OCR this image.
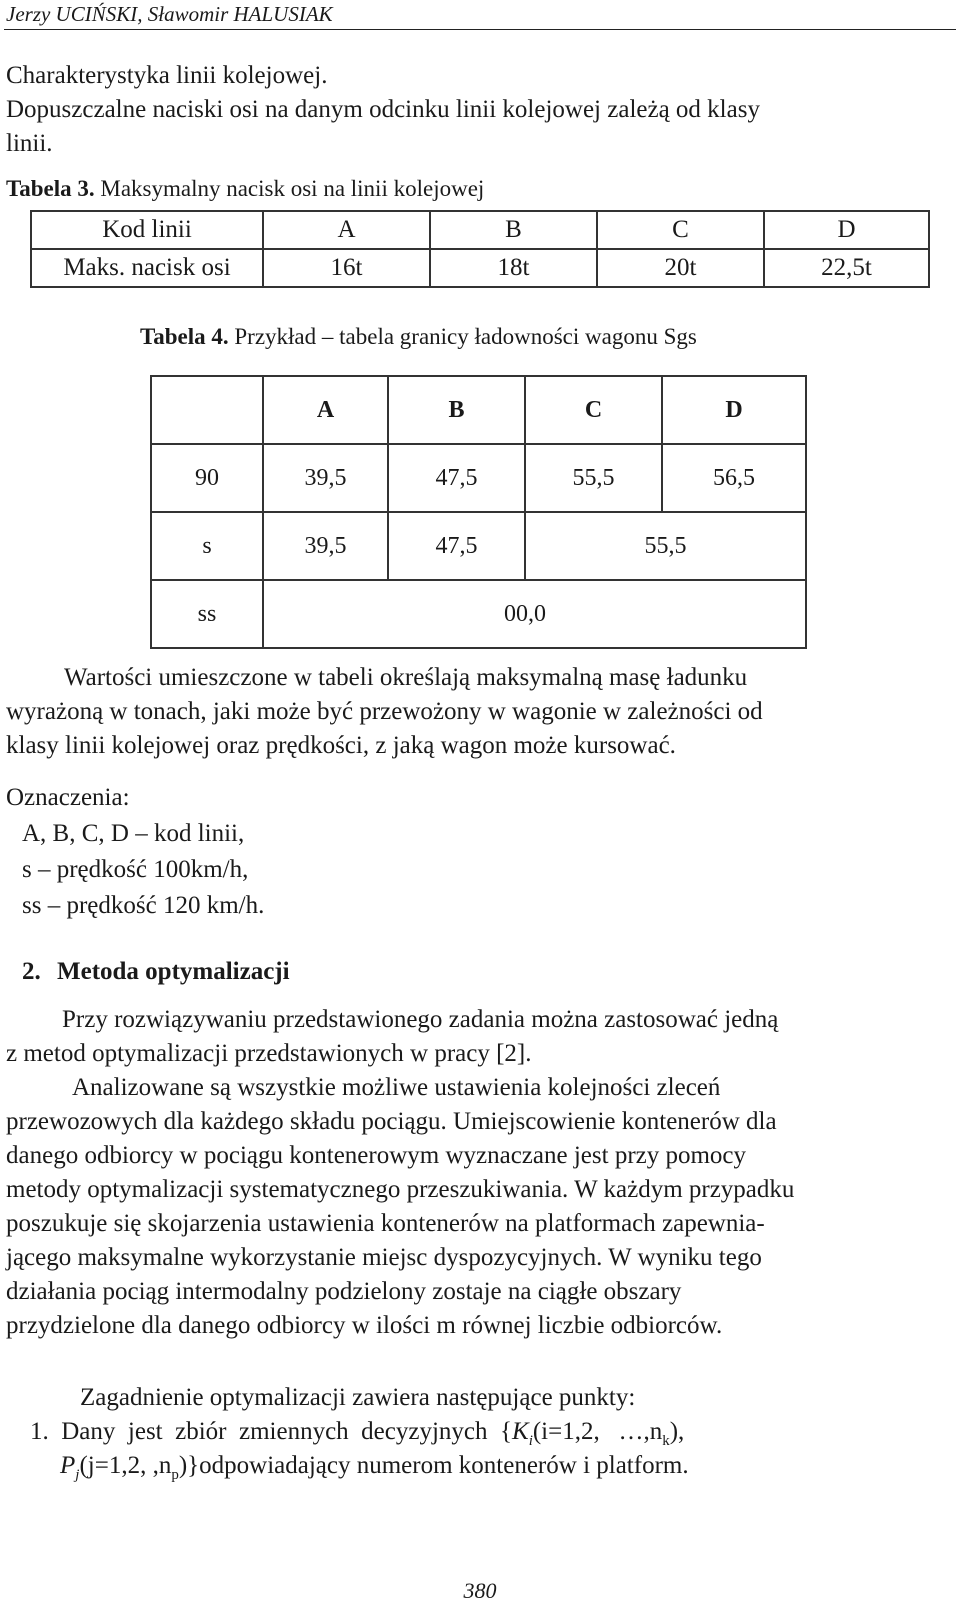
Jerzy UCIŃSKI, Sławomir HALUSIAK
Charakterystyka linii kolejowej.
Dopuszczalne naciski osi na danym odcinku linii kolejowej zależą od klasy
linii.
Tabela 3. Maksymalny nacisk osi na linii kolejowej
Kod linii	A	B	C	D
Maks. nacisk osi	16t	18t	20t	22,5t
Tabela 4. Przykład – tabela granicy ładowności wagonu Sgs
	A	B	C	D
90	39,5	47,5	55,5	56,5
s	39,5	47,5	55,5	
ss	00,0			
Wartości umieszczone w tabeli określają maksymalną masę ładunku
wyrażoną w tonach, jaki może być przewożony w wagonie w zależności od
klasy linii kolejowej oraz prędkości, z jaką wagon może kursować.
Oznaczenia:
A, B, C, D – kod linii,
s – prędkość 100km/h,
ss – prędkość 120 km/h.
2. Metoda optymalizacji
Przy rozwiązywaniu przedstawionego zadania można zastosować jedną
z metod optymalizacji przedstawionych w pracy [2].
Analizowane są wszystkie możliwe ustawienia kolejności zleceń
przewozowych dla każdego składu pociągu. Umiejscowienie kontenerów dla
danego odbiorcy w pociągu kontenerowym wyznaczane jest przy pomocy
metody optymalizacji systematycznego przeszukiwania. W każdym przypadku
poszukuje się skojarzenia ustawienia kontenerów na platformach zapewnia-
jącego maksymalne wykorzystanie miejsc dyspozycyjnych. W wyniku tego
działania pociąg intermodalny podzielony zostaje na ciągłe obszary
przydzielone dla danego odbiorcy w ilości m równej liczbie odbiorców.
Zagadnienie optymalizacji zawiera następujące punkty:
1.  Dany  jest  zbiór  zmiennych  decyzyjnych  {$K_i(i=1,2$,   $\dots,n_k$),
$P_j(j=1,2$, $,n_p)\}odpowiadający$ numerom kontenerów i platform.
380
